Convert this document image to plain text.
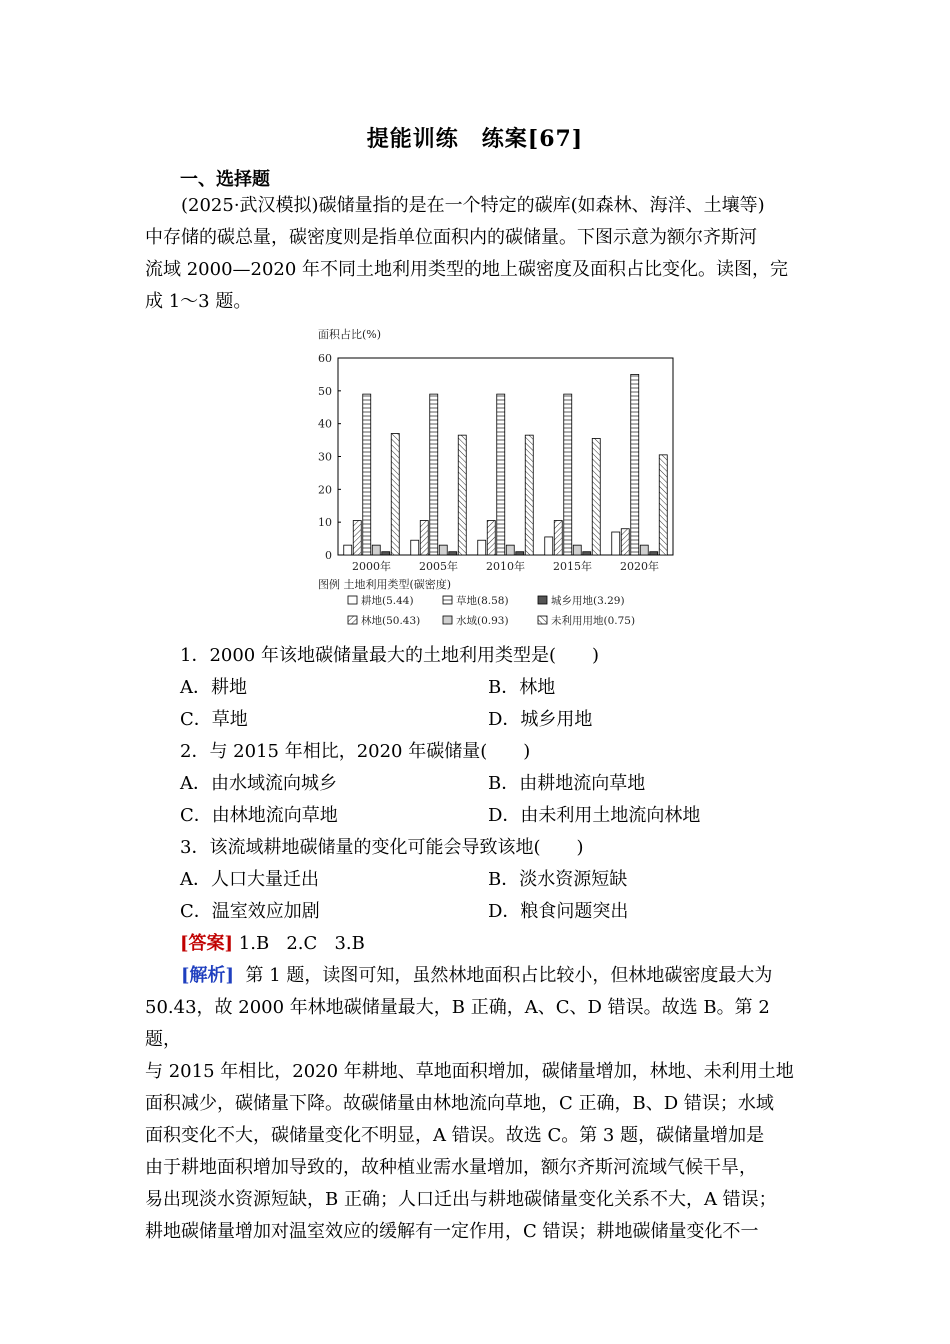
提能训练　练案[67]
一、选择题

(2025·武汉模拟)碳储量指的是在一个特定的碳库(如森林、海洋、土壤等)

中存储的碳总量，碳密度则是指单位面积内的碳储量。下图示意为额尔齐斯河

流域 2000—2020 年不同土地利用类型的地上碳密度及面积占比变化。读图，完

成 1～3 题。

面积占比(%)
0
10
20
30
40
50
60
2000年	2005年	2010年	2015年	2020年
图例 土地利用类型(碳密度)
耕地(5.44)	草地(8.58)	城乡用地(3.29)
林地(50.43)	水域(0.93)	未利用用地(0.75)
1．2000 年该地碳储量最大的土地利用类型是(　　)
A．耕地	B．林地
C．草地	D．城乡用地
2．与 2015 年相比，2020 年碳储量(　　)
A．由水域流向城乡	B．由耕地流向草地
C．由林地流向草地	D．由未利用土地流向林地
3．该流域耕地碳储量的变化可能会导致该地(　　)
A．人口大量迁出	B．淡水资源短缺
C．温室效应加剧	D．粮食问题突出
[答案] 1.B   2.C   3.B

[解析]  第 1 题，读图可知，虽然林地面积占比较小，但林地碳密度最大为

50.43，故 2000 年林地碳储量最大，B 正确，A、C、D 错误。故选 B。第 2 题，

与 2015 年相比，2020 年耕地、草地面积增加，碳储量增加，林地、未利用土地

面积减少，碳储量下降。故碳储量由林地流向草地，C 正确，B、D 错误；水域

面积变化不大，碳储量变化不明显，A 错误。故选 C。第 3 题，碳储量增加是

由于耕地面积增加导致的，故种植业需水量增加，额尔齐斯河流域气候干旱，

易出现淡水资源短缺，B 正确；人口迁出与耕地碳储量变化关系不大，A 错误；

耕地碳储量增加对温室效应的缓解有一定作用，C 错误；耕地碳储量变化不一
